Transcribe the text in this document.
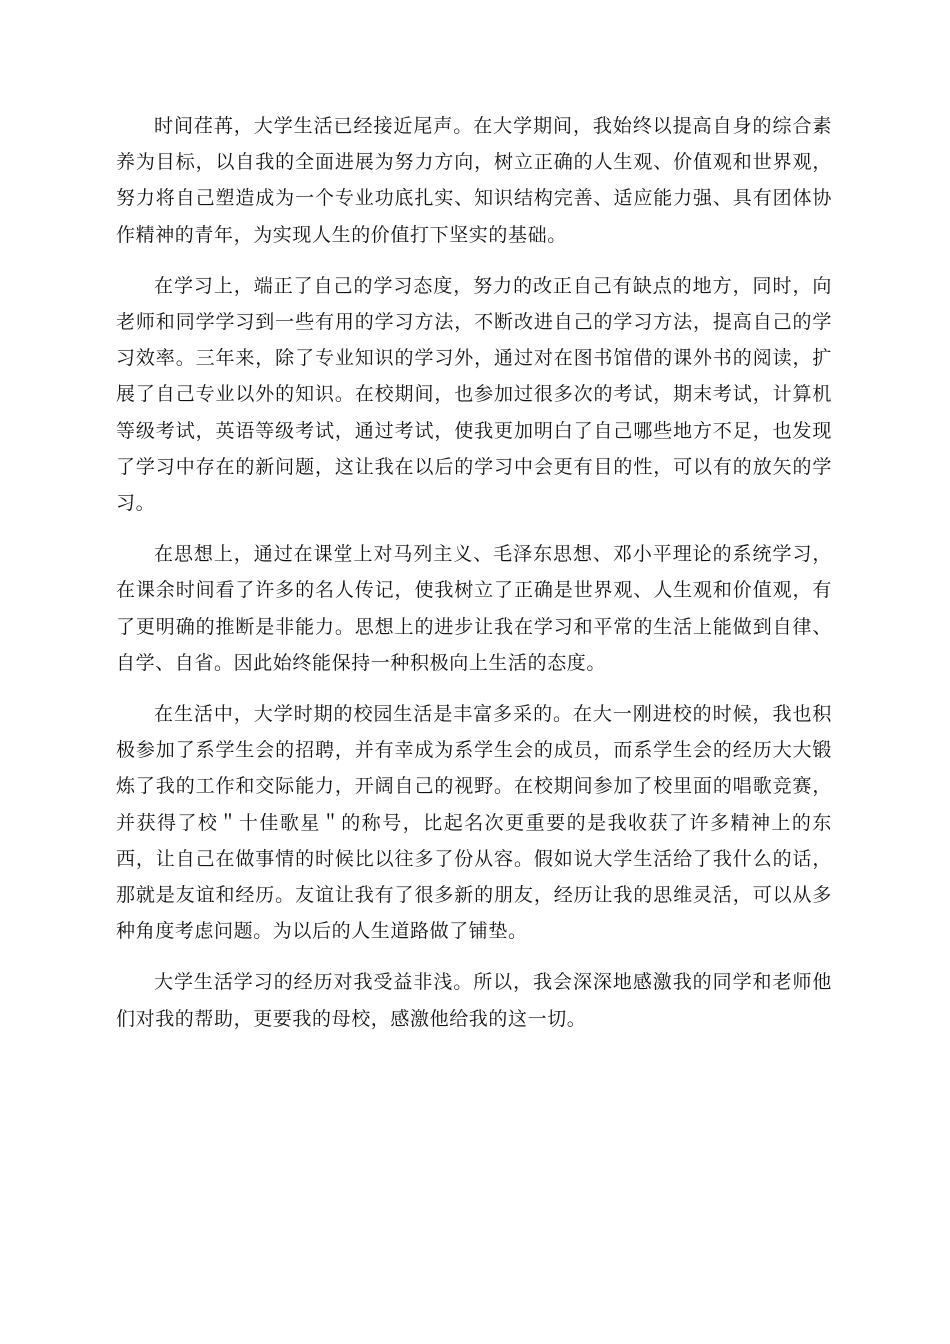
时间荏苒，大学生活已经接近尾声。在大学期间，我始终以提高自身的综合素养为目标，以自我的全面进展为努力方向，树立正确的人生观、价值观和世界观，努力将自己塑造成为一个专业功底扎实、知识结构完善、适应能力强、具有团体协作精神的青年，为实现人生的价值打下坚实的基础。

在学习上，端正了自己的学习态度，努力的改正自己有缺点的地方，同时，向老师和同学学习到一些有用的学习方法，不断改进自己的学习方法，提高自己的学习效率。三年来，除了专业知识的学习外，通过对在图书馆借的课外书的阅读，扩展了自己专业以外的知识。在校期间，也参加过很多次的考试，期末考试，计算机等级考试，英语等级考试，通过考试，使我更加明白了自己哪些地方不足，也发现了学习中存在的新问题，这让我在以后的学习中会更有目的性，可以有的放矢的学习。

在思想上，通过在课堂上对马列主义、毛泽东思想、邓小平理论的系统学习，在课余时间看了许多的名人传记，使我树立了正确是世界观、人生观和价值观，有了更明确的推断是非能力。思想上的进步让我在学习和平常的生活上能做到自律、自学、自省。因此始终能保持一种积极向上生活的态度。

在生活中，大学时期的校园生活是丰富多采的。在大一刚进校的时候，我也积极参加了系学生会的招聘，并有幸成为系学生会的成员，而系学生会的经历大大锻炼了我的工作和交际能力，开阔自己的视野。在校期间参加了校里面的唱歌竞赛，并获得了校＂十佳歌星＂的称号，比起名次更重要的是我收获了许多精神上的东西，让自己在做事情的时候比以往多了份从容。假如说大学生活给了我什么的话，那就是友谊和经历。友谊让我有了很多新的朋友，经历让我的思维灵活，可以从多种角度考虑问题。为以后的人生道路做了铺垫。

大学生活学习的经历对我受益非浅。所以，我会深深地感激我的同学和老师他们对我的帮助，更要我的母校，感激他给我的这一切。
